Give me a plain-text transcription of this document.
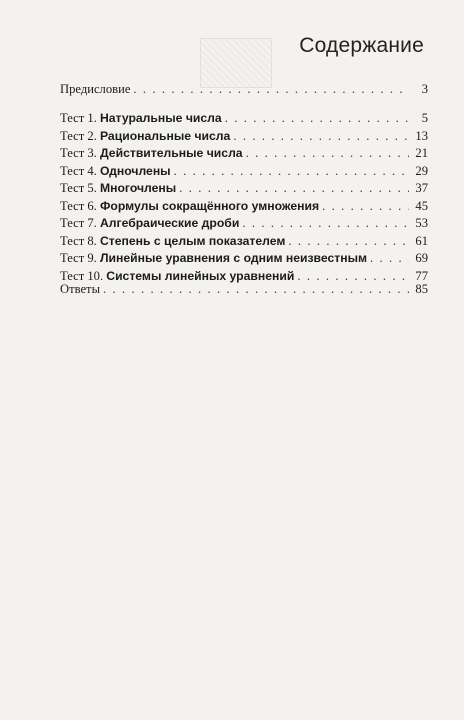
Содержание
Предисловие . . .	3
Тест 1. Натуральные числа . . .	5
Тест 2. Рациональные числа . . .	13
Тест 3. Действительные числа . . .	21
Тест 4. Одночлены . . .	29
Тест 5. Многочлены . . .	37
Тест 6. Формулы сокращённого умножения . . .	45
Тест 7. Алгебраические дроби . . .	53
Тест 8. Степень с целым показателем . . .	61
Тест 9. Линейные уравнения с одним неизвестным . . .	69
Тест 10. Системы линейных уравнений . . .	77
Ответы . . .	85
